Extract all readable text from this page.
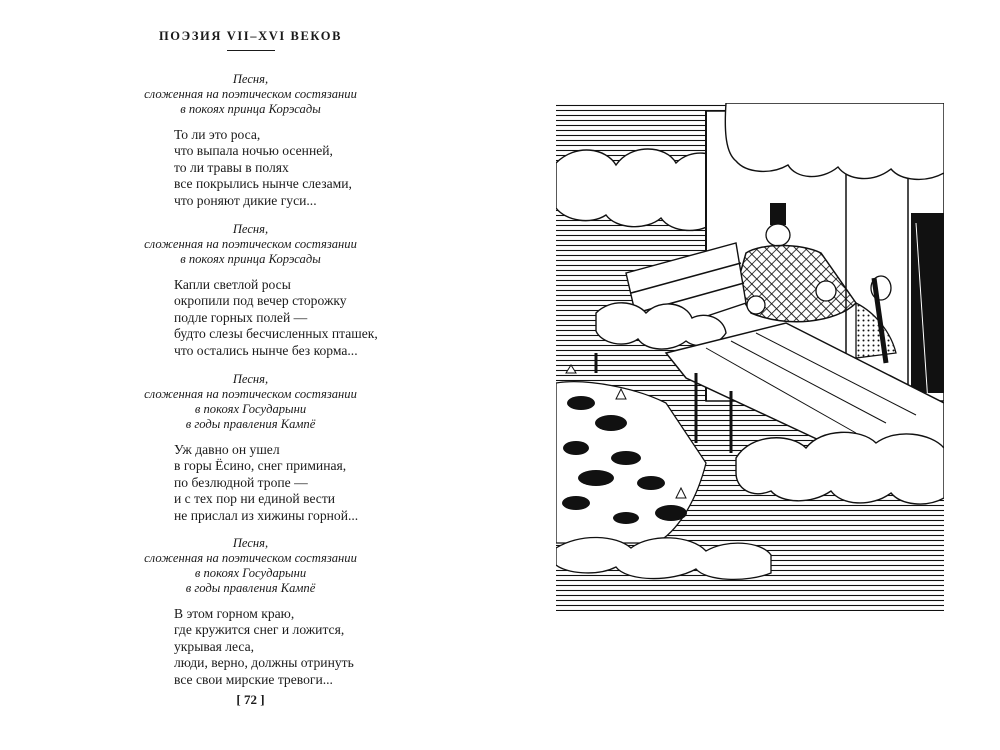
ПОЭЗИЯ VII–XVI ВЕКОВ
Песня,
сложенная на поэтическом состязании
в покоях принца Корэсады
То ли это роса,
что выпала ночью осенней,
то ли травы в полях
все покрылись нынче слезами,
что роняют дикие гуси...
Песня,
сложенная на поэтическом состязании
в покоях принца Корэсады
Капли светлой росы
окропили под вечер сторожку
подле горных полей —
будто слезы бесчисленных пташек,
что остались нынче без корма...
Песня,
сложенная на поэтическом состязании
в покоях Государыни
в годы правления Кампё
Уж давно он ушел
в горы Ёсино, снег приминая,
по безлюдной тропе —
и с тех пор ни единой вести
не прислал из хижины горной...
Песня,
сложенная на поэтическом состязании
в покоях Государыни
в годы правления Кампё
В этом горном краю,
где кружится снег и ложится,
укрывая леса,
люди, верно, должны отринуть
все свои мирские тревоги...
[ 72 ]
